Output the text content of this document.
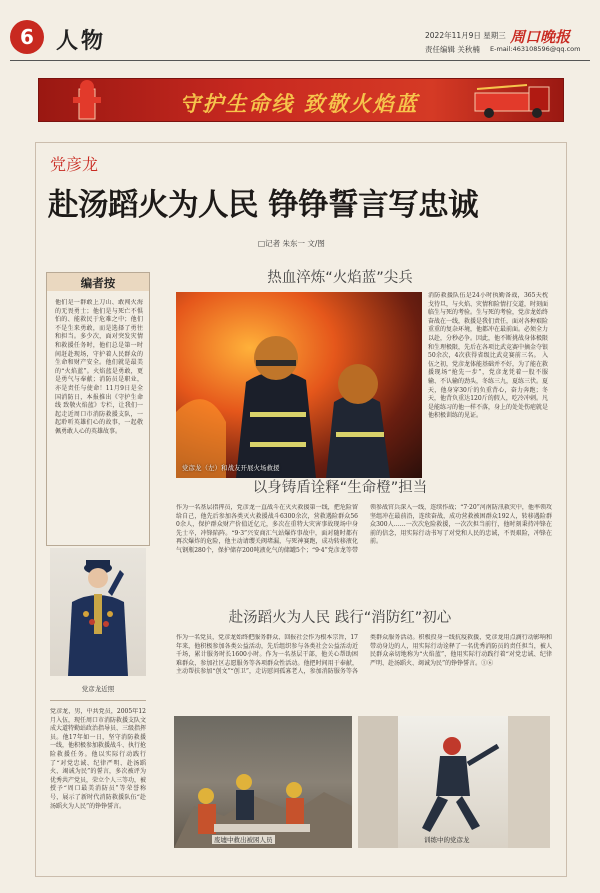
6	人物	2022年11月9日 星期三
责任编辑 关秋楠
周口晚报
E-mail:463108596@qq.com
守护生命线 致敬火焰蓝
党彦龙
赴汤蹈火为人民 铮铮誓言写忠诚
□记者 朱东一 文/图
编者按
他们是一群敢上刀山、敢闯火海的无畏勇士；他们是与死亡不惧怕的、能救民于危难之中；他们不是生来勇敢，而是选择了勇往和担当。多少次，面对突发灾情和救援任务时，他们总是第一时间赶赴现场，守护着人民群众的生命和财产安全。他们就是最美的“火焰蓝”。火焰蓝是勇敢，更是勇气与奉献；消防员是职业，亦是责任与使命！11月9日是全国消防日，本报推出《守护生命线 致敬火焰蓝》专栏，让我们一起走近周口市消防救援支队，一起聆听英雄们心的故事，一起敬佩勇敢人心的英雄故事。
党彦龙近照
党彦龙，男，中共党员，2005年12月入伍，现任周口市消防救援支队文成大道特勤站政治指导员、三级指挥员。他17年如一日，坚守消防救援一线，他积极参加救援战斗、执行抢险救援任务。他以实际行动践行了“对党忠诚、纪律严明、赴汤蹈火、竭诚为民”的誓言，多次被评为优秀共产党员，荣立个人三等功，被授予“周口最美消防员”等荣誉称号，展示了新时代消防救援队伍“赴汤蹈火为人民”的铮铮誓言。
热血淬炼“火焰蓝”尖兵
党彦龙（左）和战友开展火场救援
消防救援队伍是24小时执勤备战，365天枕戈待旦，与火焰、灾情和险情打交道，时刻面临生与死的考验。生与死的考验，党彦龙始终奋战在一线，救援是我们责任，面对各种艰险重重的复杂环境，他都冲在最前面。必须全力以赴，分秒必争。因此，他不断挑战身体极限和生理极限，先后在各项比武竞赛中摘金夺银50余次，4次获得省级比武竞赛前三名。 入伍之初，党彦龙体能基础并不好，为了能在救援现场“抢先一步”，党彦龙凭着一股不服输、不认输的劲头，冬练三九，夏练三伏。夏天，他身穿30斤的负重背心，奋力奔跑；冬天，他背负重达120斤的假人，吃冷冲刺。凡是能练习的他一样不落，身上的处处伤疤就是他积极训练的见证。
以身铸盾诠释“生命橙”担当
作为一名基层指挥员，党彦龙一直战斗在灭火救援第一线，把危险留给自己，他先后参加各类灭火救援战斗6300余次，营救遇险群众560余人，保护群众财产价值近亿元，多次在重特大灾害事故现场中身先士卒，冲锋陷阵。“9·3”兴安商汇气站爆炸事故中，面对随时都有再次爆炸的危险，他主动请缨关阀堵漏，与死神赛跑，成功转移液化气钢瓶280个，保护储存200吨液化气的储罐5个；“9·4”党彦龙等带领参战官兵深入一线，连续作战；“7·20”河南防汛救灾中，他率领攻坚组冲在最前沿，连续奋战，成功营救被困群众192人，转移遇险群众300人……一次次危险救援，一次次担当前行，他时刻秉持冲锋在前的信念，用实际行动书写了对党和人民的忠诚，不畏艰险，冲锋在前。
赴汤蹈火为人民 践行“消防红”初心
作为一名党员，党彦龙始终把服务群众、回报社会作为根本宗旨，17年来，他积极参加各类公益活动，先后组织参与各类社会公益活动近千场，累计服务时长1600小时。作为一名基层干部，他关心帮助困难群众，参加社区志愿服务等各项群众性活动。他把时间用于奉献，主动帮扶参加“创文”“创卫”，走访慰问孤寡老人，参加消防服务等各类群众服务活动。积极投身一线抗疫救援，党彦龙用点滴行动影响和带动身边的人，用实际行动诠释了一名优秀消防员的责任担当，被人民群众亲切地称为“火焰蓝”，他用实际行动践行着“对党忠诚、纪律严明、赴汤蹈火、竭诚为民”的铮铮誓言。①⑥
废墟中救出被困人员	训练中的党彦龙
